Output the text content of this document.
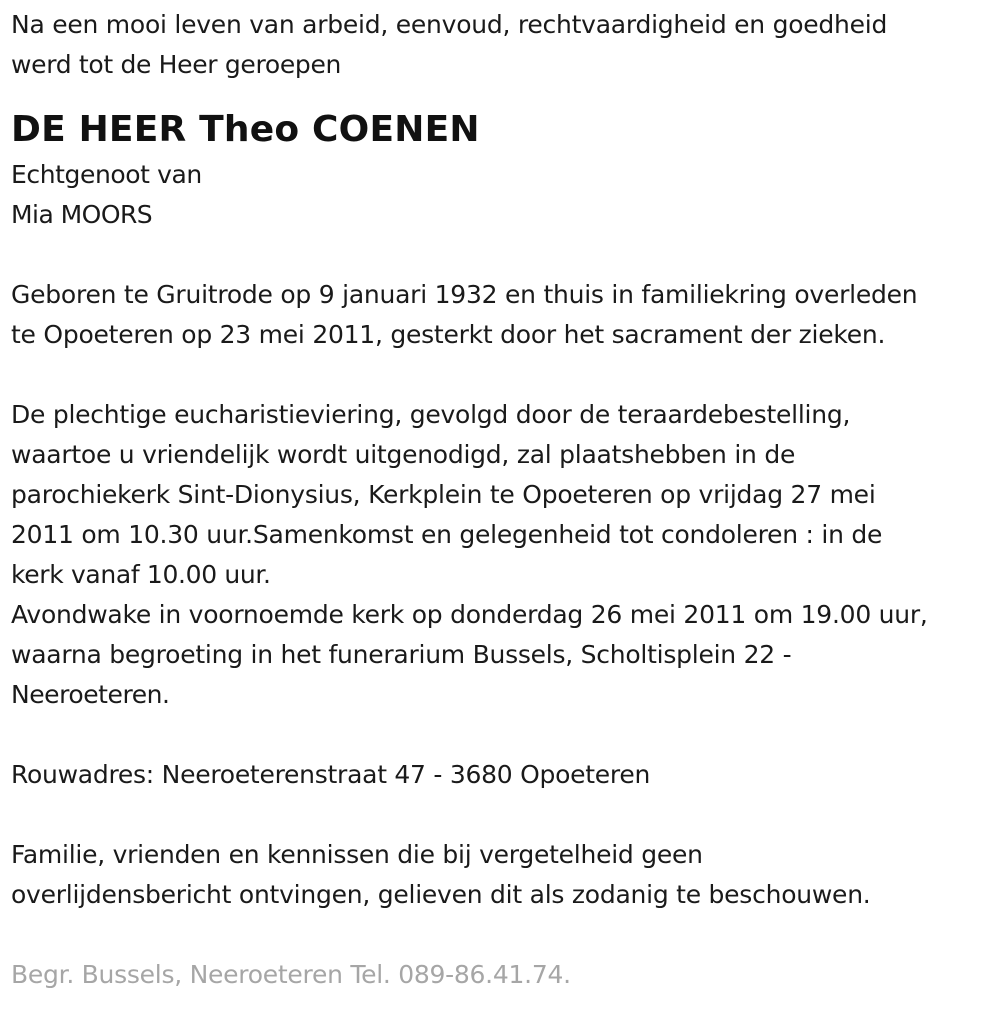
Na een mooi leven van arbeid, eenvoud, rechtvaardigheid en goedheid
werd tot de Heer geroepen
DE HEER Theo COENEN
Echtgenoot van
Mia MOORS
Geboren te Gruitrode op 9 januari 1932 en thuis in familiekring overleden
te Opoeteren op 23 mei 2011, gesterkt door het sacrament der zieken.
De plechtige eucharistieviering, gevolgd door de teraardebestelling,
waartoe u vriendelijk wordt uitgenodigd, zal plaatshebben in de
parochiekerk Sint-Dionysius, Kerkplein te Opoeteren op vrijdag 27 mei
2011 om 10.30 uur.Samenkomst en gelegenheid tot condoleren : in de
kerk vanaf 10.00 uur.
Avondwake in voornoemde kerk op donderdag 26 mei 2011 om 19.00 uur,
waarna begroeting in het funerarium Bussels, Scholtisplein 22 -
Neeroeteren.
Rouwadres: Neeroeterenstraat 47 - 3680 Opoeteren
Familie, vrienden en kennissen die bij vergetelheid geen
overlijdensbericht ontvingen, gelieven dit als zodanig te beschouwen.
Begr. Bussels, Neeroeteren Tel. 089-86.41.74.
